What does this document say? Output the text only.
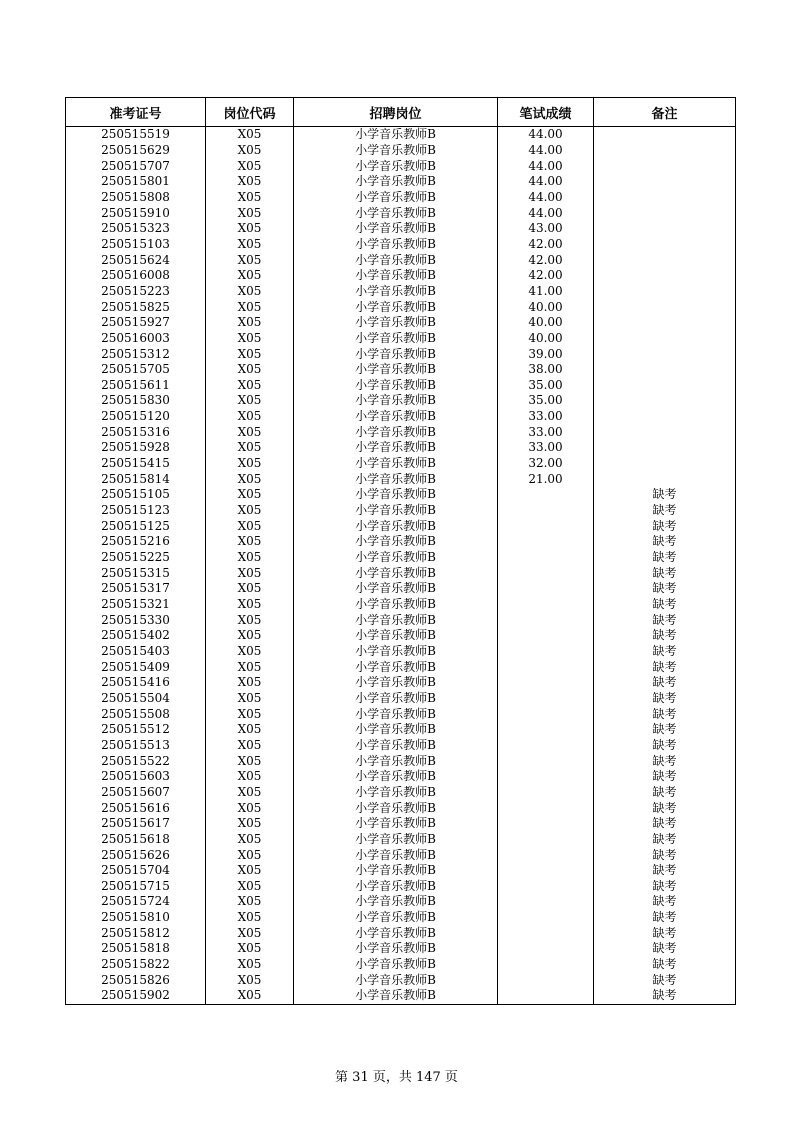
准考证号	岗位代码	招聘岗位	笔试成绩	备注
250515519	X05	小学音乐教师B	44.00	
250515629	X05	小学音乐教师B	44.00	
250515707	X05	小学音乐教师B	44.00	
250515801	X05	小学音乐教师B	44.00	
250515808	X05	小学音乐教师B	44.00	
250515910	X05	小学音乐教师B	44.00	
250515323	X05	小学音乐教师B	43.00	
250515103	X05	小学音乐教师B	42.00	
250515624	X05	小学音乐教师B	42.00	
250516008	X05	小学音乐教师B	42.00	
250515223	X05	小学音乐教师B	41.00	
250515825	X05	小学音乐教师B	40.00	
250515927	X05	小学音乐教师B	40.00	
250516003	X05	小学音乐教师B	40.00	
250515312	X05	小学音乐教师B	39.00	
250515705	X05	小学音乐教师B	38.00	
250515611	X05	小学音乐教师B	35.00	
250515830	X05	小学音乐教师B	35.00	
250515120	X05	小学音乐教师B	33.00	
250515316	X05	小学音乐教师B	33.00	
250515928	X05	小学音乐教师B	33.00	
250515415	X05	小学音乐教师B	32.00	
250515814	X05	小学音乐教师B	21.00	
250515105	X05	小学音乐教师B		缺考
250515123	X05	小学音乐教师B		缺考
250515125	X05	小学音乐教师B		缺考
250515216	X05	小学音乐教师B		缺考
250515225	X05	小学音乐教师B		缺考
250515315	X05	小学音乐教师B		缺考
250515317	X05	小学音乐教师B		缺考
250515321	X05	小学音乐教师B		缺考
250515330	X05	小学音乐教师B		缺考
250515402	X05	小学音乐教师B		缺考
250515403	X05	小学音乐教师B		缺考
250515409	X05	小学音乐教师B		缺考
250515416	X05	小学音乐教师B		缺考
250515504	X05	小学音乐教师B		缺考
250515508	X05	小学音乐教师B		缺考
250515512	X05	小学音乐教师B		缺考
250515513	X05	小学音乐教师B		缺考
250515522	X05	小学音乐教师B		缺考
250515603	X05	小学音乐教师B		缺考
250515607	X05	小学音乐教师B		缺考
250515616	X05	小学音乐教师B		缺考
250515617	X05	小学音乐教师B		缺考
250515618	X05	小学音乐教师B		缺考
250515626	X05	小学音乐教师B		缺考
250515704	X05	小学音乐教师B		缺考
250515715	X05	小学音乐教师B		缺考
250515724	X05	小学音乐教师B		缺考
250515810	X05	小学音乐教师B		缺考
250515812	X05	小学音乐教师B		缺考
250515818	X05	小学音乐教师B		缺考
250515822	X05	小学音乐教师B		缺考
250515826	X05	小学音乐教师B		缺考
250515902	X05	小学音乐教师B		缺考
第 31 页，共 147 页
